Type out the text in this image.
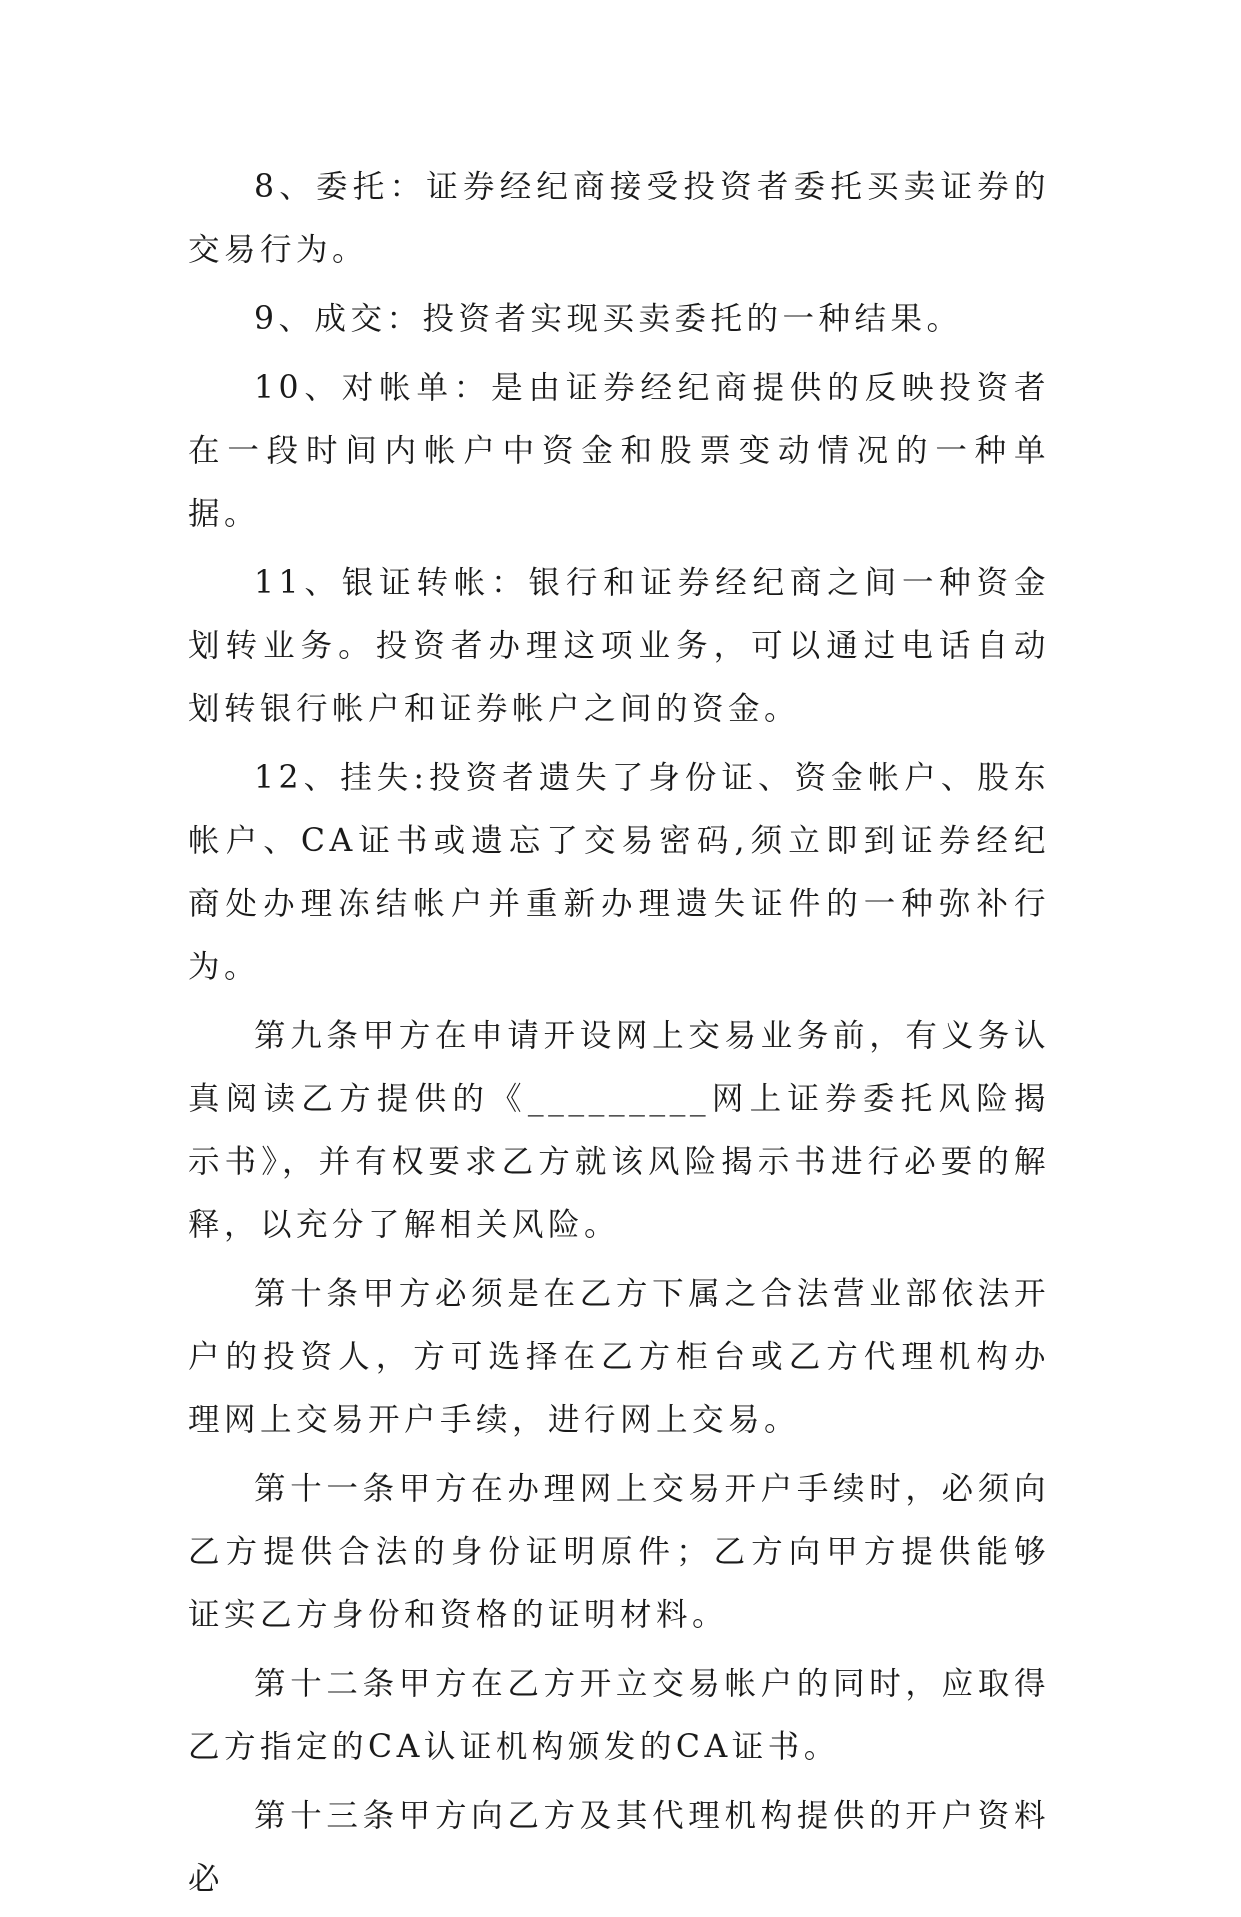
8、委托：证券经纪商接受投资者委托买卖证券的交易行为。

9、成交：投资者实现买卖委托的一种结果。

10、对帐单：是由证券经纪商提供的反映投资者在一段时间内帐户中资金和股票变动情况的一种单据。

11、银证转帐：银行和证券经纪商之间一种资金划转业务。投资者办理这项业务，可以通过电话自动划转银行帐户和证券帐户之间的资金。

12、挂失:投资者遗失了身份证、资金帐户、股东帐户、CA证书或遗忘了交易密码,须立即到证券经纪商处办理冻结帐户并重新办理遗失证件的一种弥补行为。

第九条甲方在申请开设网上交易业务前，有义务认真阅读乙方提供的《_________网上证券委托风险揭示书》，并有权要求乙方就该风险揭示书进行必要的解释，以充分了解相关风险。

第十条甲方必须是在乙方下属之合法营业部依法开户的投资人，方可选择在乙方柜台或乙方代理机构办理网上交易开户手续，进行网上交易。

第十一条甲方在办理网上交易开户手续时，必须向乙方提供合法的身份证明原件；乙方向甲方提供能够证实乙方身份和资格的证明材料。

第十二条甲方在乙方开立交易帐户的同时，应取得乙方指定的CA认证机构颁发的CA证书。

第十三条甲方向乙方及其代理机构提供的开户资料必
